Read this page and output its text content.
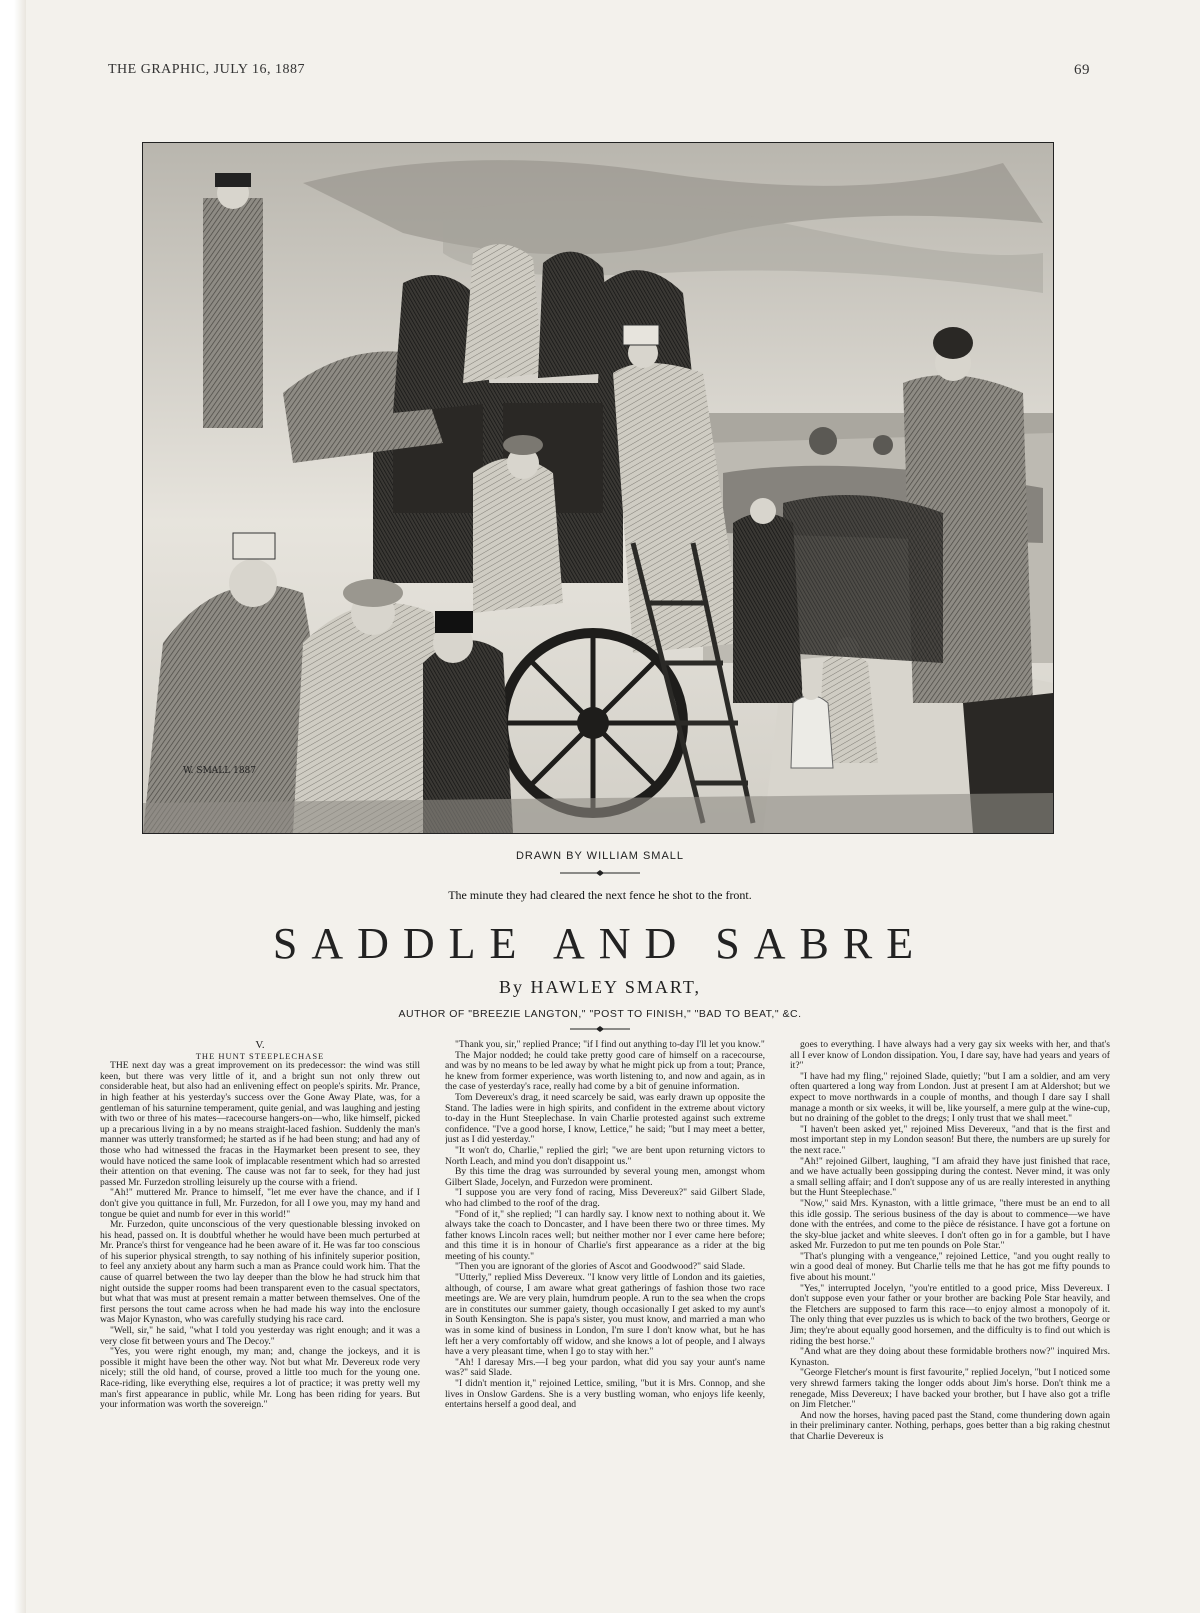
THE GRAPHIC, JULY 16, 1887	69
W. SMALL 1887
DRAWN BY WILLIAM SMALL
The minute they had cleared the next fence he shot to the front.
SADDLE AND SABRE
By HAWLEY SMART,
AUTHOR OF "BREEZIE LANGTON," "POST TO FINISH," "BAD TO BEAT," &C.

V.

THE HUNT STEEPLECHASE

THE next day was a great improvement on its predecessor: the wind was still keen, but there was very little of it, and a bright sun not only threw out considerable heat, but also had an enlivening effect on people's spirits. Mr. Prance, in high feather at his yesterday's success over the Gone Away Plate, was, for a gentleman of his saturnine temperament, quite genial, and was laughing and jesting with two or three of his mates—racecourse hangers-on—who, like himself, picked up a precarious living in a by no means straight-laced fashion. Suddenly the man's manner was utterly transformed; he started as if he had been stung; and had any of those who had witnessed the fracas in the Haymarket been present to see, they would have noticed the same look of implacable resentment which had so arrested their attention on that evening. The cause was not far to seek, for they had just passed Mr. Furzedon strolling leisurely up the course with a friend.

"Ah!" muttered Mr. Prance to himself, "let me ever have the chance, and if I don't give you quittance in full, Mr. Furzedon, for all I owe you, may my hand and tongue be quiet and numb for ever in this world!"

Mr. Furzedon, quite unconscious of the very questionable blessing invoked on his head, passed on. It is doubtful whether he would have been much perturbed at Mr. Prance's thirst for vengeance had he been aware of it. He was far too conscious of his superior physical strength, to say nothing of his infinitely superior position, to feel any anxiety about any harm such a man as Prance could work him. That the cause of quarrel between the two lay deeper than the blow he had struck him that night outside the supper rooms had been transparent even to the casual spectators, but what that was must at present remain a matter between themselves. One of the first persons the tout came across when he had made his way into the enclosure was Major Kynaston, who was carefully studying his race card.

"Well, sir," he said, "what I told you yesterday was right enough; and it was a very close fit between yours and The Decoy."

"Yes, you were right enough, my man; and, change the jockeys, and it is possible it might have been the other way. Not but what Mr. Devereux rode very nicely; still the old hand, of course, proved a little too much for the young one. Race-riding, like everything else, requires a lot of practice; it was pretty well my man's first appearance in public, while Mr. Long has been riding for years. But your information was worth the sovereign."

"Thank you, sir," replied Prance; "if I find out anything to-day I'll let you know."

The Major nodded; he could take pretty good care of himself on a racecourse, and was by no means to be led away by what he might pick up from a tout; Prance, he knew from former experience, was worth listening to, and now and again, as in the case of yesterday's race, really had come by a bit of genuine information.

Tom Devereux's drag, it need scarcely be said, was early drawn up opposite the Stand. The ladies were in high spirits, and confident in the extreme about victory to-day in the Hunt Steeplechase. In vain Charlie protested against such extreme confidence. "I've a good horse, I know, Lettice," he said; "but I may meet a better, just as I did yesterday."

"It won't do, Charlie," replied the girl; "we are bent upon returning victors to North Leach, and mind you don't disappoint us."

By this time the drag was surrounded by several young men, amongst whom Gilbert Slade, Jocelyn, and Furzedon were prominent.

"I suppose you are very fond of racing, Miss Devereux?" said Gilbert Slade, who had climbed to the roof of the drag.

"Fond of it," she replied; "I can hardly say. I know next to nothing about it. We always take the coach to Doncaster, and I have been there two or three times. My father knows Lincoln races well; but neither mother nor I ever came here before; and this time it is in honour of Charlie's first appearance as a rider at the big meeting of his county."

"Then you are ignorant of the glories of Ascot and Goodwood?" said Slade.

"Utterly," replied Miss Devereux. "I know very little of London and its gaieties, although, of course, I am aware what great gatherings of fashion those two race meetings are. We are very plain, humdrum people. A run to the sea when the crops are in constitutes our summer gaiety, though occasionally I get asked to my aunt's in South Kensington. She is papa's sister, you must know, and married a man who was in some kind of business in London, I'm sure I don't know what, but he has left her a very comfortably off widow, and she knows a lot of people, and I always have a very pleasant time, when I go to stay with her."

"Ah! I daresay Mrs.—I beg your pardon, what did you say your aunt's name was?" said Slade.

"I didn't mention it," rejoined Lettice, smiling, "but it is Mrs. Connop, and she lives in Onslow Gardens. She is a very bustling woman, who enjoys life keenly, entertains herself a good deal, and

goes to everything. I have always had a very gay six weeks with her, and that's all I ever know of London dissipation. You, I dare say, have had years and years of it?"

"I have had my fling," rejoined Slade, quietly; "but I am a soldier, and am very often quartered a long way from London. Just at present I am at Aldershot; but we expect to move northwards in a couple of months, and though I dare say I shall manage a month or six weeks, it will be, like yourself, a mere gulp at the wine-cup, but no draining of the goblet to the dregs; I only trust that we shall meet."

"I haven't been asked yet," rejoined Miss Devereux, "and that is the first and most important step in my London season! But there, the numbers are up surely for the next race."

"Ah!" rejoined Gilbert, laughing, "I am afraid they have just finished that race, and we have actually been gossipping during the contest. Never mind, it was only a small selling affair; and I don't suppose any of us are really interested in anything but the Hunt Steeplechase."

"Now," said Mrs. Kynaston, with a little grimace, "there must be an end to all this idle gossip. The serious business of the day is about to commence—we have done with the entrées, and come to the pièce de résistance. I have got a fortune on the sky-blue jacket and white sleeves. I don't often go in for a gamble, but I have asked Mr. Furzedon to put me ten pounds on Pole Star."

"That's plunging with a vengeance," rejoined Lettice, "and you ought really to win a good deal of money. But Charlie tells me that he has got me fifty pounds to five about his mount."

"Yes," interrupted Jocelyn, "you're entitled to a good price, Miss Devereux. I don't suppose even your father or your brother are backing Pole Star heavily, and the Fletchers are supposed to farm this race—to enjoy almost a monopoly of it. The only thing that ever puzzles us is which to back of the two brothers, George or Jim; they're about equally good horsemen, and the difficulty is to find out which is riding the best horse."

"And what are they doing about these formidable brothers now?" inquired Mrs. Kynaston.

"George Fletcher's mount is first favourite," replied Jocelyn, "but I noticed some very shrewd farmers taking the longer odds about Jim's horse. Don't think me a renegade, Miss Devereux; I have backed your brother, but I have also got a trifle on Jim Fletcher."

And now the horses, having paced past the Stand, come thundering down again in their preliminary canter. Nothing, perhaps, goes better than a big raking chestnut that Charlie Devereux is
